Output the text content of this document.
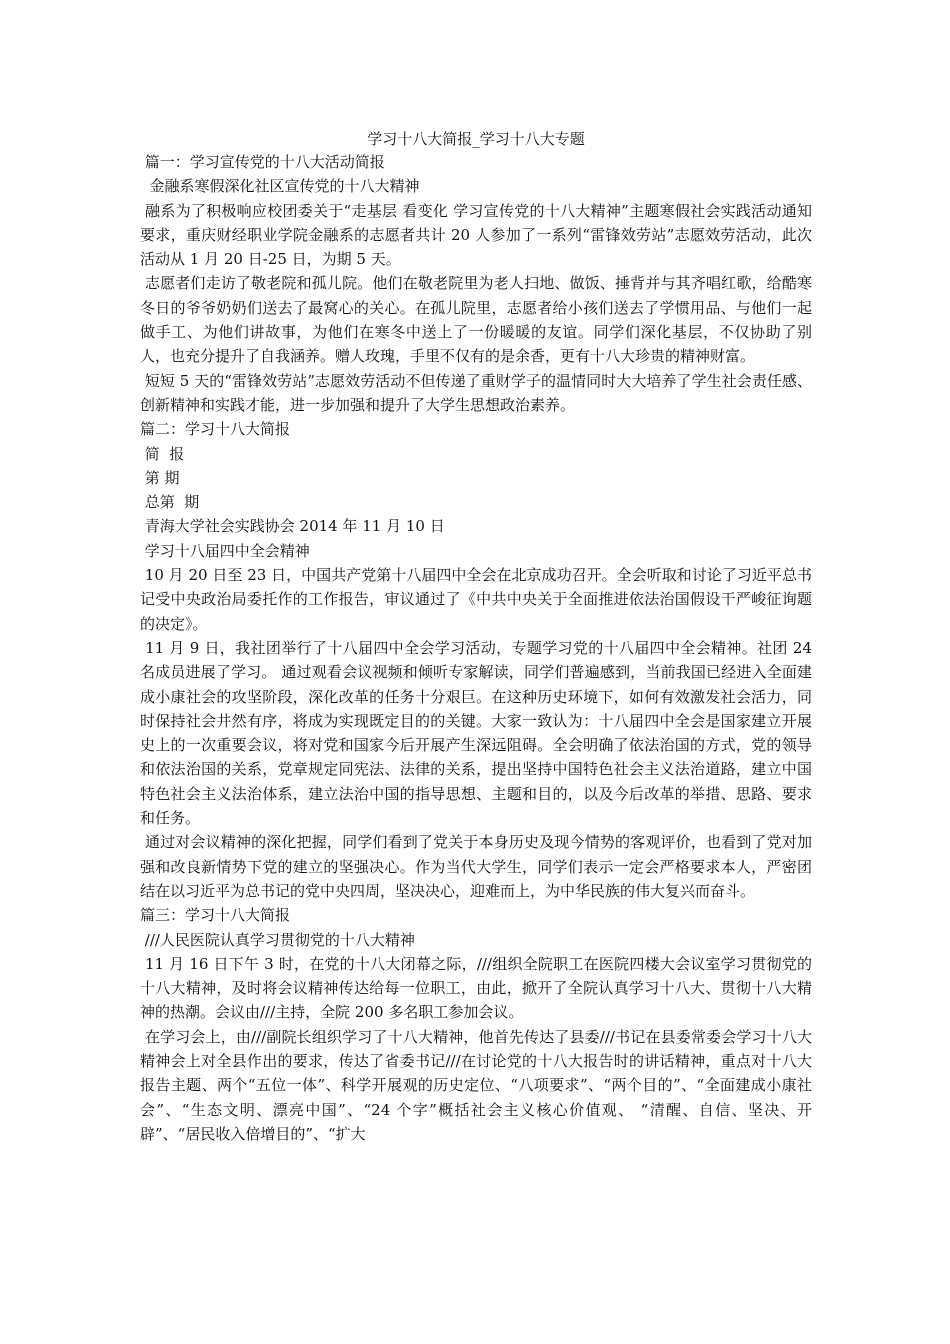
学习十八大简报_学习十八大专题

篇一：学习宣传党的十八大活动简报

金融系寒假深化社区宣传党的十八大精神

融系为了积极响应校团委关于“走基层 看变化 学习宣传党的十八大精神”主题寒假社会实践活动通知要求，重庆财经职业学院金融系的志愿者共计 20 人参加了一系列“雷锋效劳站”志愿效劳活动，此次活动从 1 月 20 日-25 日，为期 5 天。

志愿者们走访了敬老院和孤儿院。他们在敬老院里为老人扫地、做饭、捶背并与其齐唱红歌，给酷寒冬日的爷爷奶奶们送去了最窝心的关心。在孤儿院里，志愿者给小孩们送去了学惯用品、与他们一起做手工、为他们讲故事，为他们在寒冬中送上了一份暖暖的友谊。同学们深化基层，不仅协助了别人，也充分提升了自我涵养。赠人玫瑰，手里不仅有的是余香，更有十八大珍贵的精神财富。

短短 5 天的“雷锋效劳站”志愿效劳活动不但传递了重财学子的温情同时大大培养了学生社会责任感、创新精神和实践才能，进一步加强和提升了大学生思想政治素养。

篇二：学习十八大简报

简  报

第 期

总第  期

青海大学社会实践协会 2014 年 11 月 10 日

学习十八届四中全会精神

10 月 20 日至 23 日，中国共产党第十八届四中全会在北京成功召开。全会听取和讨论了习近平总书记受中央政治局委托作的工作报告，审议通过了《中共中央关于全面推进依法治国假设干严峻征询题的决定》。

11 月 9 日，我社团举行了十八届四中全会学习活动，专题学习党的十八届四中全会精神。社团 24 名成员进展了学习。 通过观看会议视频和倾听专家解读，同学们普遍感到，当前我国已经进入全面建成小康社会的攻坚阶段，深化改革的任务十分艰巨。在这种历史环境下，如何有效激发社会活力，同时保持社会井然有序，将成为实现既定目的的关键。大家一致认为：十八届四中全会是国家建立开展史上的一次重要会议，将对党和国家今后开展产生深远阻碍。全会明确了依法治国的方式，党的领导和依法治国的关系，党章规定同宪法、法律的关系，提出坚持中国特色社会主义法治道路，建立中国特色社会主义法治体系，建立法治中国的指导思想、主题和目的，以及今后改革的举措、思路、要求和任务。

通过对会议精神的深化把握，同学们看到了党关于本身历史及现今情势的客观评价，也看到了党对加强和改良新情势下党的建立的坚强决心。作为当代大学生，同学们表示一定会严格要求本人，严密团结在以习近平为总书记的党中央四周，坚决决心，迎难而上，为中华民族的伟大复兴而奋斗。

篇三：学习十八大简报

///人民医院认真学习贯彻党的十八大精神

11 月 16 日下午 3 时，在党的十八大闭幕之际，///组织全院职工在医院四楼大会议室学习贯彻党的十八大精神，及时将会议精神传达给每一位职工，由此，掀开了全院认真学习十八大、贯彻十八大精神的热潮。会议由///主持，全院 200 多名职工参加会议。

在学习会上，由///副院长组织学习了十八大精神，他首先传达了县委///书记在县委常委会学习十八大精神会上对全县作出的要求，传达了省委书记///在讨论党的十八大报告时的讲话精神，重点对十八大报告主题、两个“五位一体”、科学开展观的历史定位、“八项要求”、“两个目的”、“全面建成小康社会”、“生态文明、漂亮中国”、“24 个字”概括社会主义核心价值观、 “清醒、自信、坚决、开辟”、“居民收入倍增目的”、“扩大
